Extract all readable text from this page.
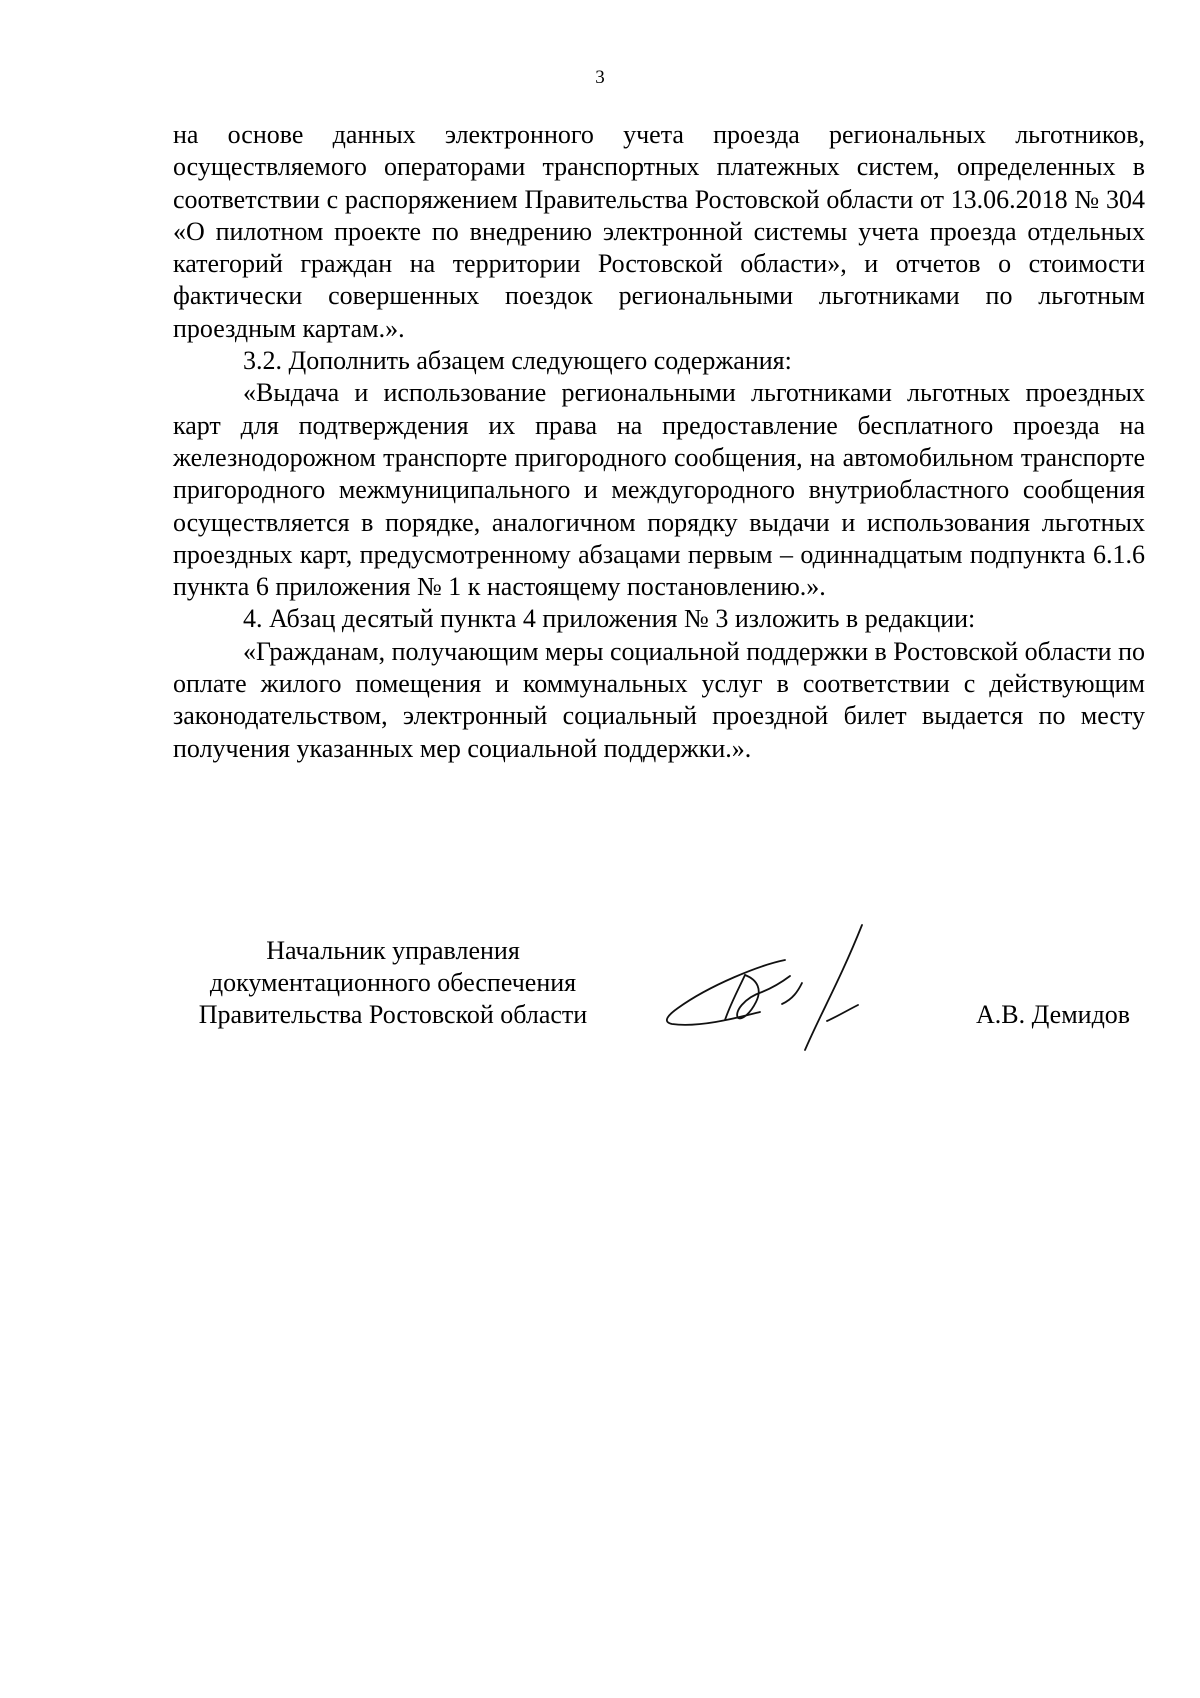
3

на основе данных электронного учета проезда региональных льготников, осуществляемого операторами транспортных платежных систем, определенных в соответствии с распоряжением Правительства Ростовской области от 13.06.2018 № 304 «О пилотном проекте по внедрению электронной системы учета проезда отдельных категорий граждан на территории Ростовской области», и отчетов о стоимости фактически совершенных поездок региональными льготниками по льготным проездным картам.».

3.2. Дополнить абзацем следующего содержания:

«Выдача и использование региональными льготниками льготных проездных карт для подтверждения их права на предоставление бесплатного проезда на железнодорожном транспорте пригородного сообщения, на автомобильном транспорте пригородного межмуниципального и междугородного внутриобластного сообщения осуществляется в порядке, аналогичном порядку выдачи и использования льготных проездных карт, предусмотренному абзацами первым – одиннадцатым подпункта 6.1.6 пункта 6 приложения № 1 к настоящему постановлению.».

4. Абзац десятый пункта 4 приложения № 3 изложить в редакции:

«Гражданам, получающим меры социальной поддержки в Ростовской области по оплате жилого помещения и коммунальных услуг в соответствии с действующим законодательством, электронный социальный проездной билет выдается по месту получения указанных мер социальной поддержки.».

Начальник управления
документационного обеспечения
Правительства Ростовской области	А.В. Демидов
